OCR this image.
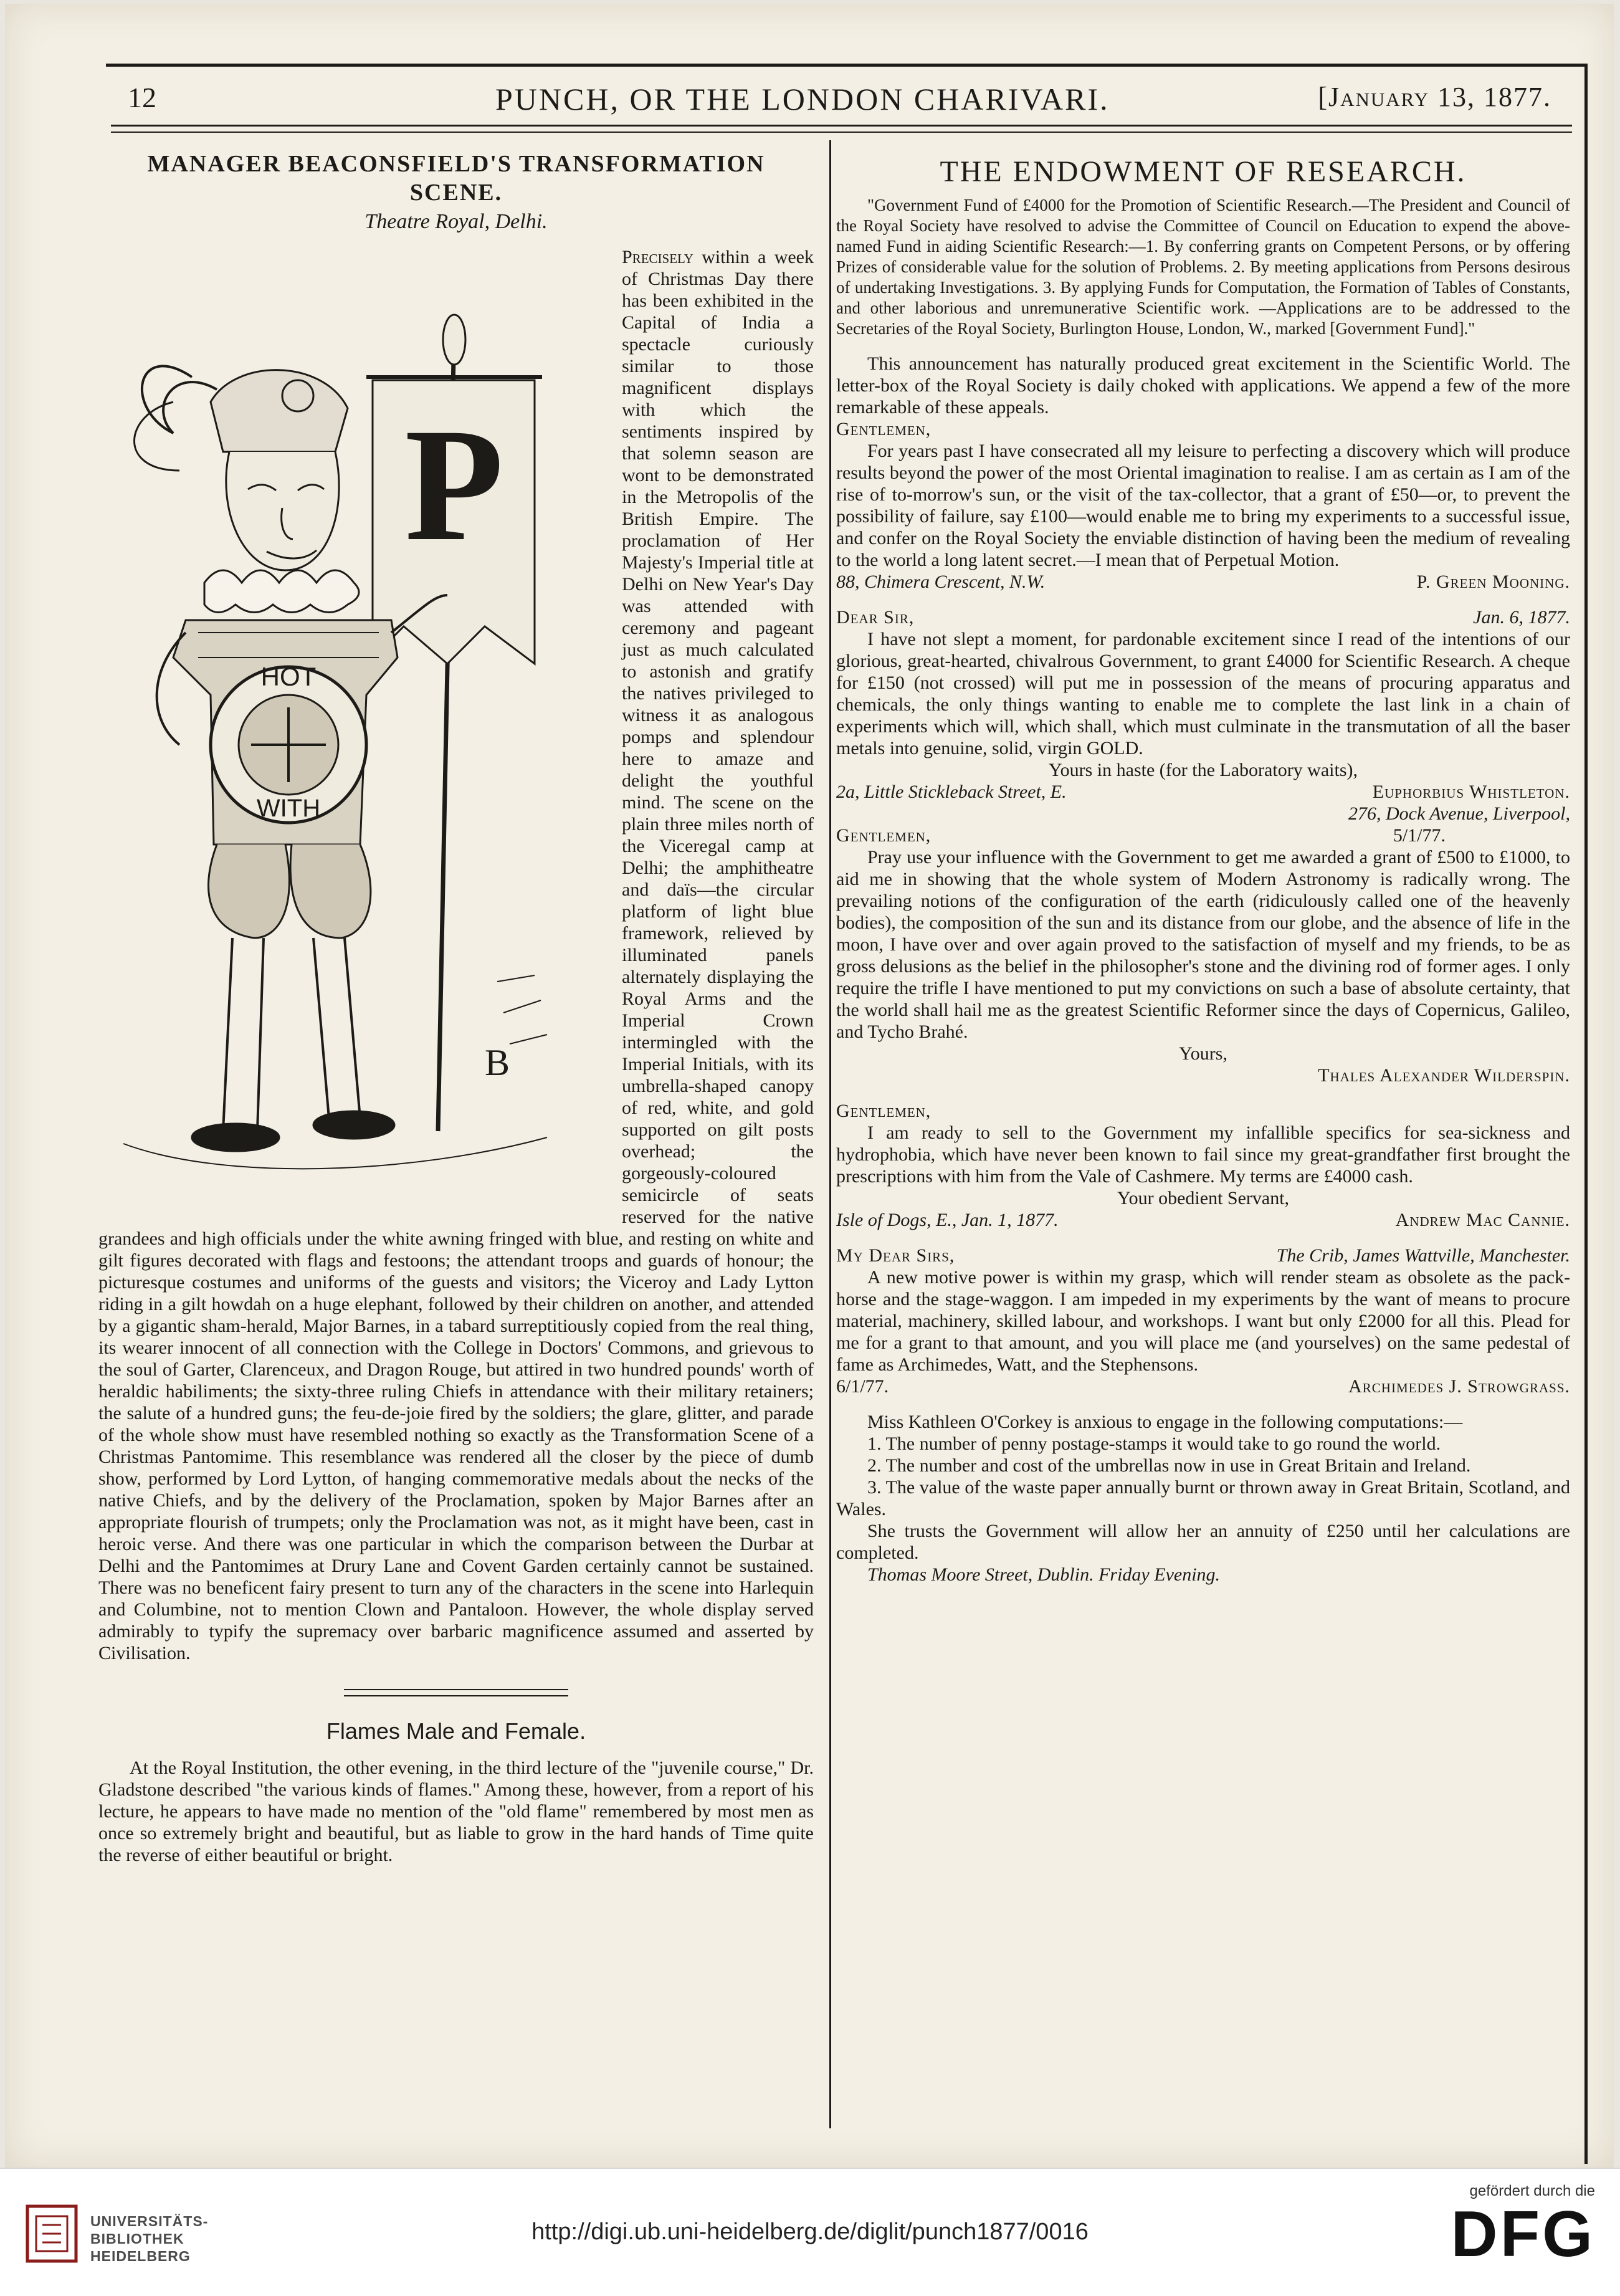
12	PUNCH, OR THE LONDON CHARIVARI.	[January 13, 1877.
MANAGER BEACONSFIELD'S TRANSFORMATION SCENE.
Theatre Royal, Delhi.
P
HOT
WITH
B

Precisely within a week of Christmas Day there has been exhibited in the Capital of India a spectacle curiously similar to those magnificent displays with which the sentiments inspired by that solemn season are wont to be demonstrated in the Metropolis of the British Empire. The proclamation of Her Majesty's Imperial title at Delhi on New Year's Day was attended with ceremony and pageant just as much calculated to astonish and gratify the natives privileged to witness it as analogous pomps and splendour here to amaze and delight the youthful mind. The scene on the plain three miles north of the Viceregal camp at Delhi; the amphitheatre and daïs—the circular platform of light blue framework, relieved by illuminated panels alternately displaying the Royal Arms and the Imperial Crown intermingled with the Imperial Initials, with its umbrella-shaped canopy of red, white, and gold supported on gilt posts overhead; the gorgeously-coloured semicircle of seats reserved for the native grandees and high officials under the white awning fringed with blue, and resting on white and gilt figures decorated with flags and festoons; the attendant troops and guards of honour; the picturesque costumes and uniforms of the guests and visitors; the Viceroy and Lady Lytton riding in a gilt howdah on a huge elephant, followed by their children on another, and attended by a gigantic sham-herald, Major Barnes, in a tabard surreptitiously copied from the real thing, its wearer innocent of all connection with the College in Doctors' Commons, and grievous to the soul of Garter, Clarenceux, and Dragon Rouge, but attired in two hundred pounds' worth of heraldic habiliments; the sixty-three ruling Chiefs in attendance with their military retainers; the salute of a hundred guns; the feu-de-joie fired by the soldiers; the glare, glitter, and parade of the whole show must have resembled nothing so exactly as the Transformation Scene of a Christmas Pantomime. This resemblance was rendered all the closer by the piece of dumb show, performed by Lord Lytton, of hanging commemorative medals about the necks of the native Chiefs, and by the delivery of the Proclamation, spoken by Major Barnes after an appropriate flourish of trumpets; only the Proclamation was not, as it might have been, cast in heroic verse. And there was one particular in which the comparison between the Durbar at Delhi and the Pantomimes at Drury Lane and Covent Garden certainly cannot be sustained. There was no beneficent fairy present to turn any of the characters in the scene into Harlequin and Columbine, not to mention Clown and Pantaloon. However, the whole display served admirably to typify the supremacy over barbaric magnificence assumed and asserted by Civilisation.

Flames Male and Female.

At the Royal Institution, the other evening, in the third lecture of the "juvenile course," Dr. Gladstone described "the various kinds of flames." Among these, however, from a report of his lecture, he appears to have made no mention of the "old flame" remembered by most men as once so extremely bright and beautiful, but as liable to grow in the hard hands of Time quite the reverse of either beautiful or bright.

THE ENDOWMENT OF RESEARCH.

"Government Fund of £4000 for the Promotion of Scientific Research.—The President and Council of the Royal Society have resolved to advise the Committee of Council on Education to expend the above-named Fund in aiding Scientific Research:—1. By conferring grants on Competent Persons, or by offering Prizes of considerable value for the solution of Problems. 2. By meeting applications from Persons desirous of undertaking Investigations. 3. By applying Funds for Computation, the Formation of Tables of Constants, and other laborious and unremunerative Scientific work. —Applications are to be addressed to the Secretaries of the Royal Society, Burlington House, London, W., marked [Government Fund]."

This announcement has naturally produced great excitement in the Scientific World. The letter-box of the Royal Society is daily choked with applications. We append a few of the more remarkable of these appeals.

Gentlemen,

For years past I have consecrated all my leisure to perfecting a discovery which will produce results beyond the power of the most Oriental imagination to realise. I am as certain as I am of the rise of to-morrow's sun, or the visit of the tax-collector, that a grant of £50—or, to prevent the possibility of failure, say £100—would enable me to bring my experiments to a successful issue, and confer on the Royal Society the enviable distinction of having been the medium of revealing to the world a long latent secret.—I mean that of Perpetual Motion.

88, Chimera Crescent, N.W.	P. Green Mooning.
Dear Sir,	Jan. 6, 1877.

I have not slept a moment, for pardonable excitement since I read of the intentions of our glorious, great-hearted, chivalrous Government, to grant £4000 for Scientific Research. A cheque for £150 (not crossed) will put me in possession of the means of procuring apparatus and chemicals, the only things wanting to enable me to complete the last link in a chain of experiments which will, which shall, which must culminate in the transmutation of all the baser metals into genuine, solid, virgin GOLD.

Yours in haste (for the Laboratory waits),

2a, Little Stickleback Street, E.	Euphorbius Whistleton.

276, Dock Avenue, Liverpool,

Gentlemen,	5/1/77.

Pray use your influence with the Government to get me awarded a grant of £500 to £1000, to aid me in showing that the whole system of Modern Astronomy is radically wrong. The prevailing notions of the configuration of the earth (ridiculously called one of the heavenly bodies), the composition of the sun and its distance from our globe, and the absence of life in the moon, I have over and over again proved to the satisfaction of myself and my friends, to be as gross delusions as the belief in the philosopher's stone and the divining rod of former ages. I only require the trifle I have mentioned to put my convictions on such a base of absolute certainty, that the world shall hail me as the greatest Scientific Reformer since the days of Copernicus, Galileo, and Tycho Brahé.

Yours,

Thales Alexander Wilderspin.

Gentlemen,

I am ready to sell to the Government my infallible specifics for sea-sickness and hydrophobia, which have never been known to fail since my great-grandfather first brought the prescriptions with him from the Vale of Cashmere. My terms are £4000 cash.

Your obedient Servant,

Isle of Dogs, E., Jan. 1, 1877.	Andrew Mac Cannie.
My Dear Sirs,	The Crib, James Wattville, Manchester.

A new motive power is within my grasp, which will render steam as obsolete as the pack-horse and the stage-waggon. I am impeded in my experiments by the want of means to procure material, machinery, skilled labour, and workshops. I want but only £2000 for all this. Plead for me for a grant to that amount, and you will place me (and yourselves) on the same pedestal of fame as Archimedes, Watt, and the Stephensons.

6/1/77.	Archimedes J. Strowgrass.

Miss Kathleen O'Corkey is anxious to engage in the following computations:—

1. The number of penny postage-stamps it would take to go round the world.

2. The number and cost of the umbrellas now in use in Great Britain and Ireland.

3. The value of the waste paper annually burnt or thrown away in Great Britain, Scotland, and Wales.

She trusts the Government will allow her an annuity of £250 until her calculations are completed.

Thomas Moore Street, Dublin. Friday Evening.

UNIVERSITÄTS-
BIBLIOTHEK
HEIDELBERG
http://digi.ub.uni-heidelberg.de/diglit/punch1877/0016
gefördert durch die
DFG
